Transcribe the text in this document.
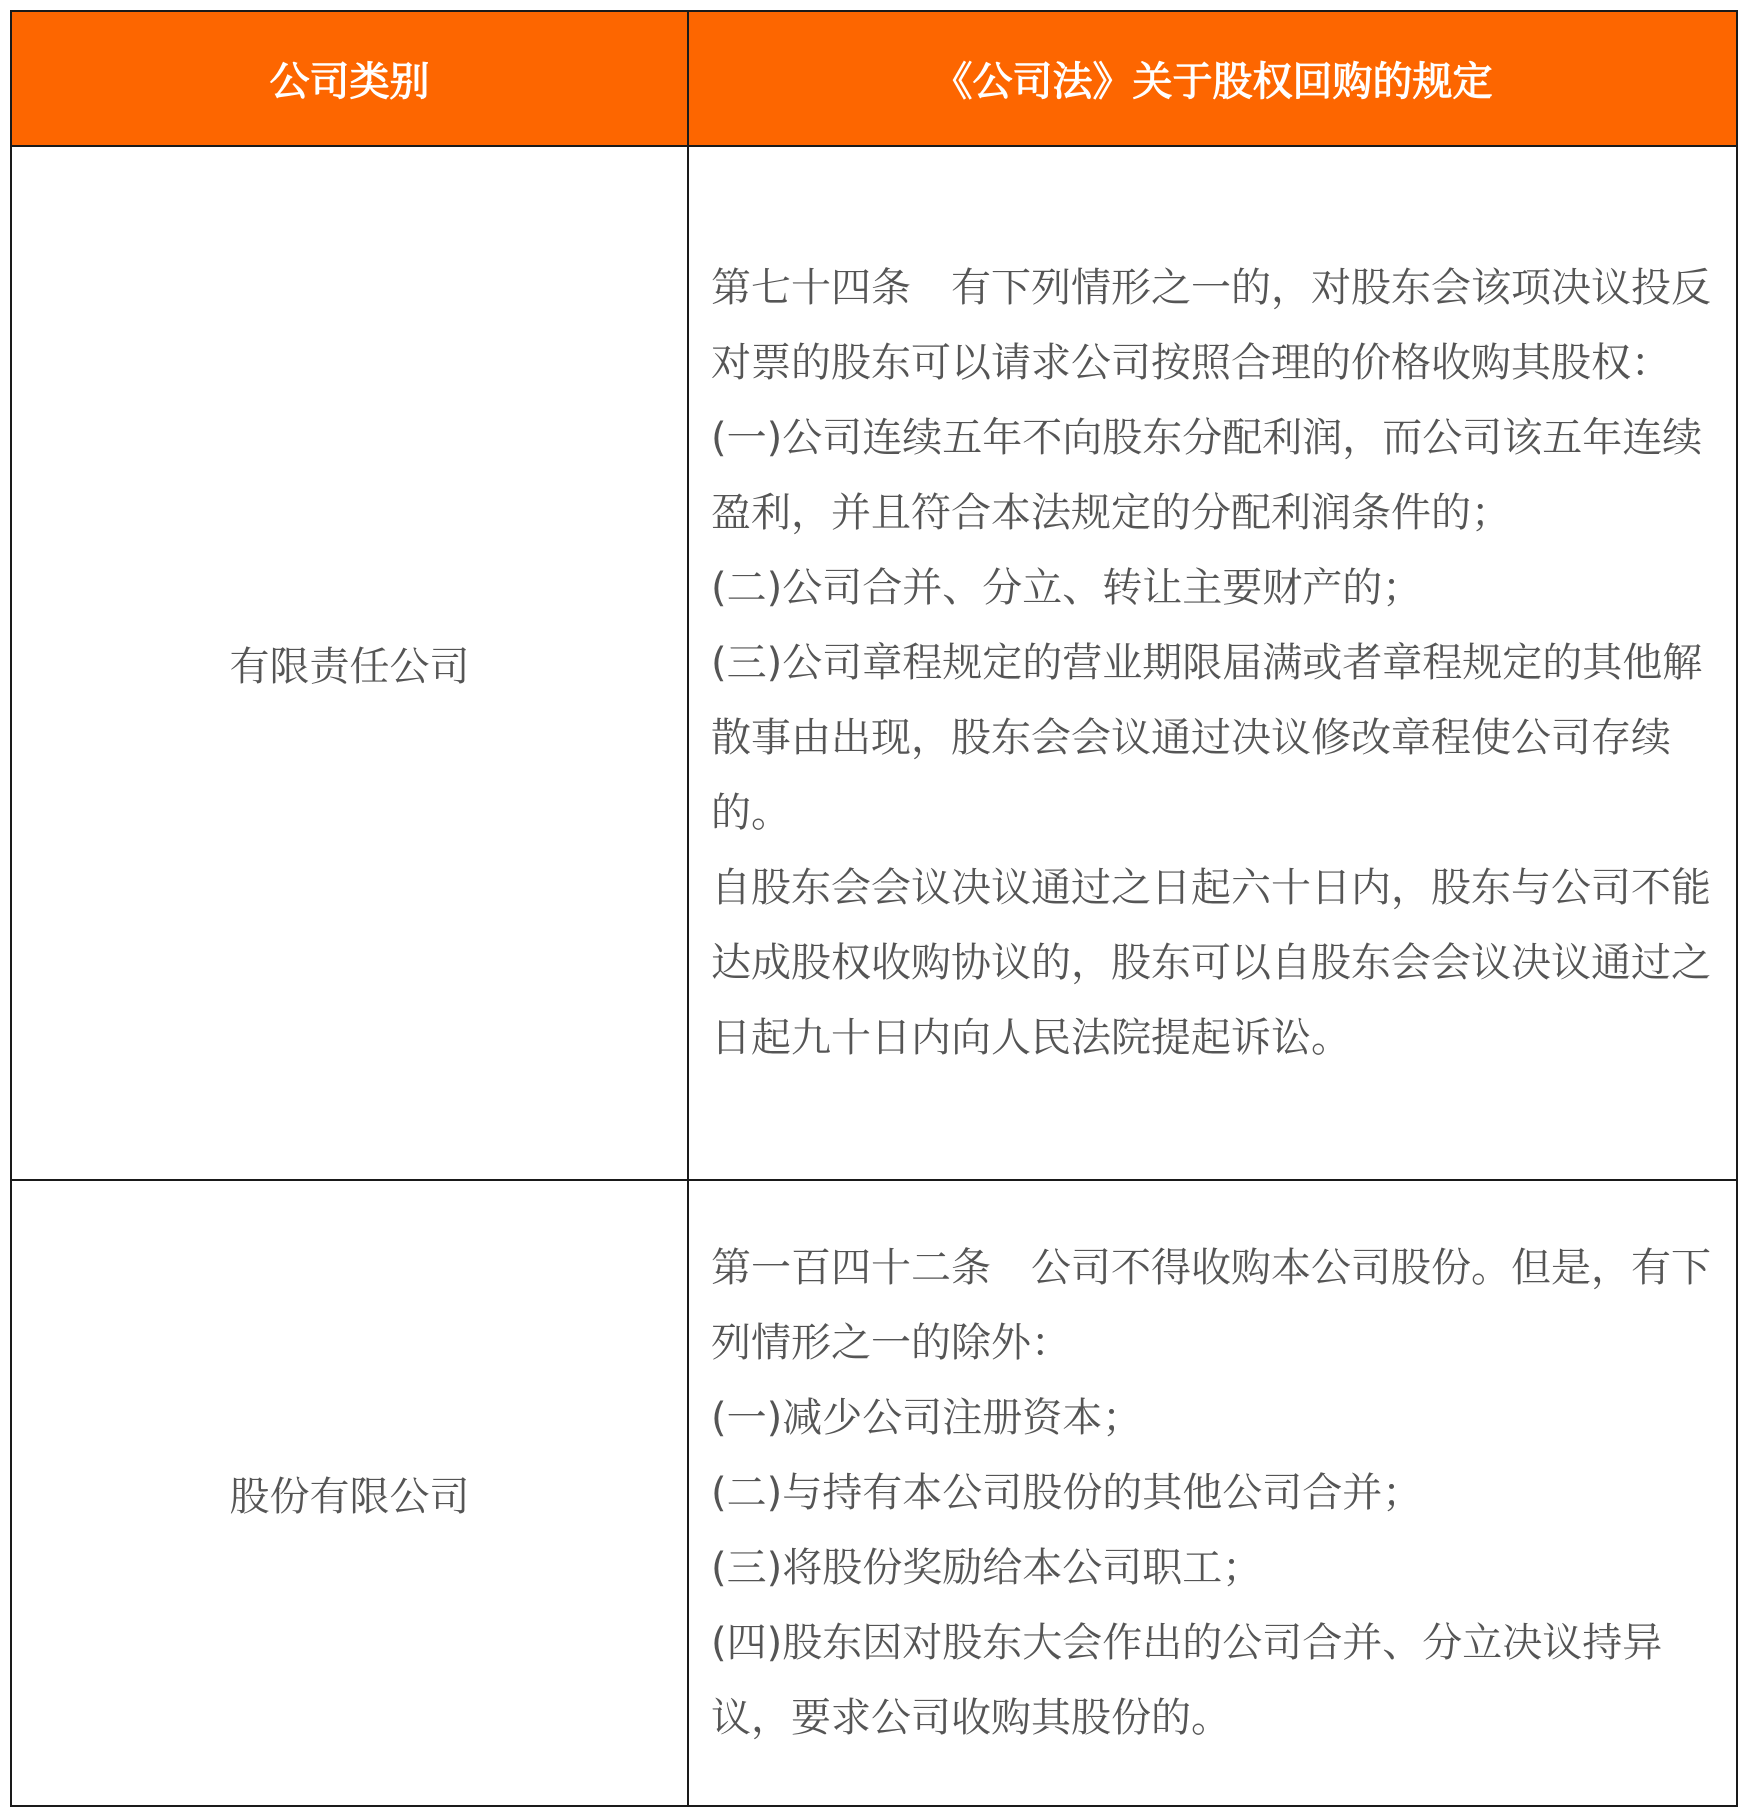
公司类别	《公司法》关于股权回购的规定
有限责任公司	第七十四条　有下列情形之一的，对股东会该项决议投反对票的股东可以请求公司按照合理的价格收购其股权：
(一)公司连续五年不向股东分配利润，而公司该五年连续盈利，并且符合本法规定的分配利润条件的；
(二)公司合并、分立、转让主要财产的；
(三)公司章程规定的营业期限届满或者章程规定的其他解散事由出现，股东会会议通过决议修改章程使公司存续的。
自股东会会议决议通过之日起六十日内，股东与公司不能达成股权收购协议的，股东可以自股东会会议决议通过之日起九十日内向人民法院提起诉讼。

股份有限公司	第一百四十二条　公司不得收购本公司股份。但是，有下列情形之一的除外：
(一)减少公司注册资本；
(二)与持有本公司股份的其他公司合并；
(三)将股份奖励给本公司职工；
(四)股东因对股东大会作出的公司合并、分立决议持异议，要求公司收购其股份的。
